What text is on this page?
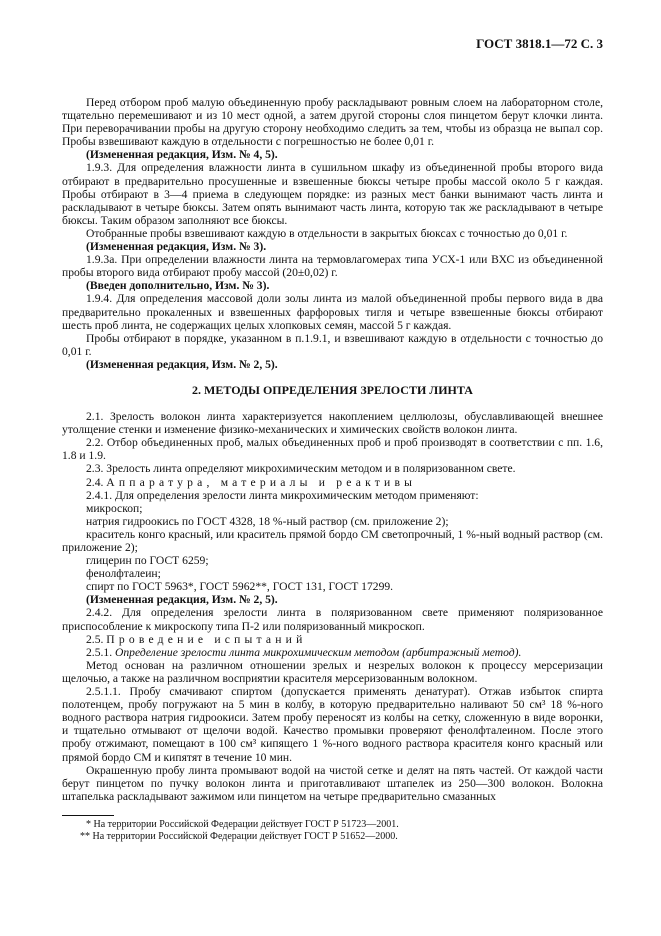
ГОСТ 3818.1—72 С. 3

Перед отбором проб малую объединенную пробу раскладывают ровным слоем на лабораторном столе, тщательно перемешивают и из 10 мест одной, а затем другой стороны слоя пинцетом берут клочки линта. При переворачивании пробы на другую сторону необходимо следить за тем, чтобы из образца не выпал сор. Пробы взвешивают каждую в отдельности с погрешностью не более 0,01 г.

(Измененная редакция, Изм. № 4, 5).

1.9.3. Для определения влажности линта в сушильном шкафу из объединенной пробы второго вида отбирают в предварительно просушенные и взвешенные бюксы четыре пробы массой около 5 г каждая. Пробы отбирают в 3—4 приема в следующем порядке: из разных мест банки вынимают часть линта и раскладывают в четыре бюксы. Затем опять вынимают часть линта, которую так же раскладывают в четыре бюксы. Таким образом заполняют все бюксы.

Отобранные пробы взвешивают каждую в отдельности в закрытых бюксах с точностью до 0,01 г.

(Измененная редакция, Изм. № 3).

1.9.3а. При определении влажности линта на термовлагомерах типа УСХ-1 или ВХС из объединенной пробы второго вида отбирают пробу массой (20±0,02) г.

(Введен дополнительно, Изм. № 3).

1.9.4. Для определения массовой доли золы линта из малой объединенной пробы первого вида в два предварительно прокаленных и взвешенных фарфоровых тигля и четыре взвешенные бюксы отбирают шесть проб линта, не содержащих целых хлопковых семян, массой 5 г каждая.

Пробы отбирают в порядке, указанном в п.1.9.1, и взвешивают каждую в отдельности с точностью до 0,01 г.

(Измененная редакция, Изм. № 2, 5).

2. МЕТОДЫ ОПРЕДЕЛЕНИЯ ЗРЕЛОСТИ ЛИНТА

2.1. Зрелость волокон линта характеризуется накоплением целлюлозы, обуславливающей внешнее утолщение стенки и изменение физико-механических и химических свойств волокон линта.

2.2. Отбор объединенных проб, малых объединенных проб и проб производят в соответствии с пп. 1.6, 1.8 и 1.9.

2.3. Зрелость линта определяют микрохимическим методом и в поляризованном свете.

2.4. Аппаратура, материалы и реактивы

2.4.1. Для определения зрелости линта микрохимическим методом применяют:

микроскоп;

натрия гидроокись по ГОСТ 4328, 18 %-ный раствор (см. приложение 2);

краситель конго красный, или краситель прямой бордо СМ светопрочный, 1 %-ный водный раствор (см. приложение 2);

глицерин по ГОСТ 6259;

фенолфталеин;

спирт по ГОСТ 5963*, ГОСТ 5962**, ГОСТ 131, ГОСТ 17299.

(Измененная редакция, Изм. № 2, 5).

2.4.2. Для определения зрелости линта в поляризованном свете применяют поляризованное приспособление к микроскопу типа П-2 или поляризованный микроскоп.

2.5. Проведение испытаний

2.5.1. Определение зрелости линта микрохимическим методом (арбитражный метод).

Метод основан на различном отношении зрелых и незрелых волокон к процессу мерсеризации щелочью, а также на различном восприятии красителя мерсеризованным волокном.

2.5.1.1. Пробу смачивают спиртом (допускается применять денатурат). Отжав избыток спирта полотенцем, пробу погружают на 5 мин в колбу, в которую предварительно наливают 50 см³ 18 %-ного водного раствора натрия гидроокиси. Затем пробу переносят из колбы на сетку, сложенную в виде воронки, и тщательно отмывают от щелочи водой. Качество промывки проверяют фенолфталеином. После этого пробу отжимают, помещают в 100 см³ кипящего 1 %-ного водного раствора красителя конго красный или прямой бордо СМ и кипятят в течение 10 мин.

Окрашенную пробу линта промывают водой на чистой сетке и делят на пять частей. От каждой части берут пинцетом по пучку волокон линта и приготавливают штапелек из 250—300 волокон. Волокна штапелька раскладывают зажимом или пинцетом на четыре предварительно смазанных

* На территории Российской Федерации действует ГОСТ Р 51723—2001.
** На территории Российской Федерации действует ГОСТ Р 51652—2000.
